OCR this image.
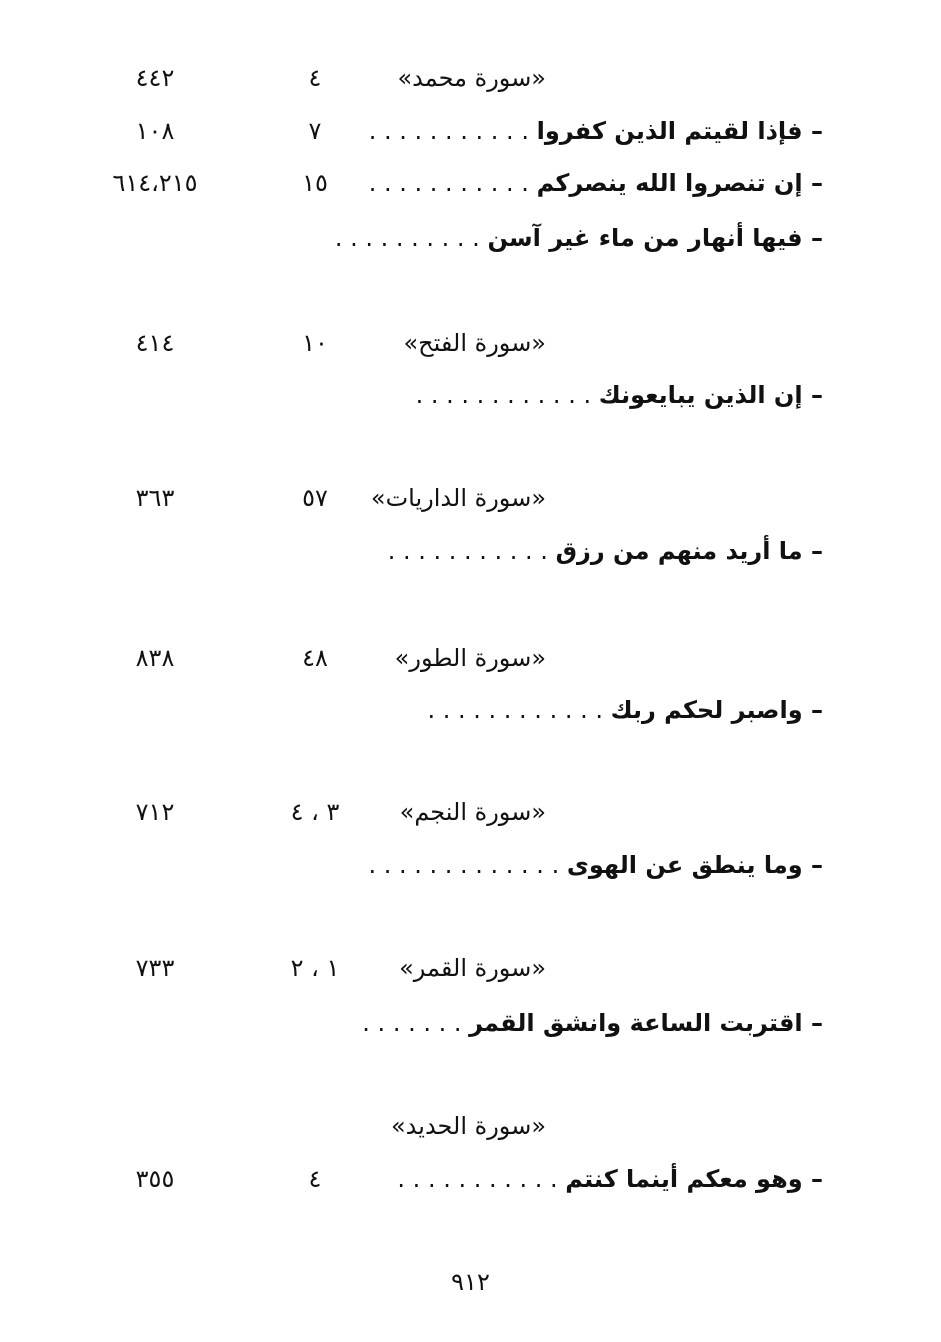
«سورة محمد»
٤
٤٤٢
– فإذا لقيتم الذين كفروا . . . . . . . . . . .
٧
١٠٨
– إن تنصروا الله ينصركم . . . . . . . . . . .
١٥
٦١٤،٢١٥
– فيها أنهار من ماء غير آسن . . . . . . . . . .
«سورة الفتح»
١٠
٤١٤
– إن الذين يبايعونك . . . . . . . . . . . .
«سورة الداريات»
٥٧
٣٦٣
– ما أريد منهم من رزق . . . . . . . . . . .
«سورة الطور»
٤٨
٨٣٨
– واصبر لحكم ربك . . . . . . . . . . . .
«سورة النجم»
٣ ، ٤
٧١٢
– وما ينطق عن الهوى . . . . . . . . . . . . .
«سورة القمر»
١ ، ٢
٧٣٣
– اقتربت الساعة وانشق القمر . . . . . . .
«سورة الحديد»
– وهو معكم أينما كنتم . . . . . . . . . . .
٤
٣٥٥
٩١٢
